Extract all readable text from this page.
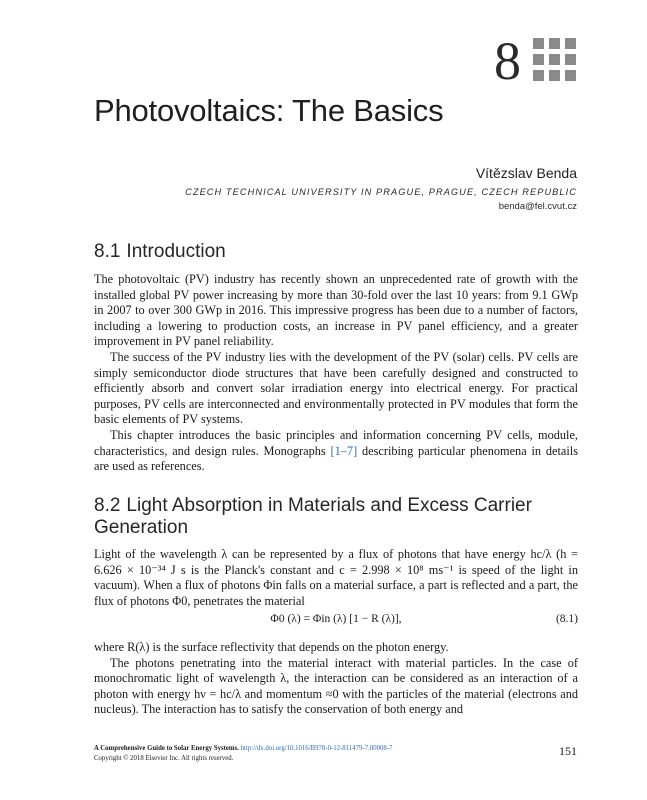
8
Photovoltaics: The Basics
Vítězslav Benda
CZECH TECHNICAL UNIVERSITY IN PRAGUE, PRAGUE, CZECH REPUBLIC
benda@fel.cvut.cz
8.1 Introduction

The photovoltaic (PV) industry has recently shown an unprecedented rate of growth with the installed global PV power increasing by more than 30-fold over the last 10 years: from 9.1 GWp in 2007 to over 300 GWp in 2016. This impressive progress has been due to a number of factors, including a lowering to production costs, an increase in PV panel efficiency, and a greater improvement in PV panel reliability.

The success of the PV industry lies with the development of the PV (solar) cells. PV cells are simply semiconductor diode structures that have been carefully designed and constructed to efficiently absorb and convert solar irradiation energy into electrical energy. For practical purposes, PV cells are interconnected and environmentally protected in PV modules that form the basic elements of PV systems.

This chapter introduces the basic principles and information concerning PV cells, module, characteristics, and design rules. Monographs [1–7] describing particular phenomena in details are used as references.

8.2 Light Absorption in Materials and Excess Carrier
Generation

Light of the wavelength λ can be represented by a flux of photons that have energy hc/λ (h = 6.626 × 10⁻³⁴ J s is the Planck's constant and c = 2.998 × 10⁸ ms⁻¹ is speed of the light in vacuum). When a flux of photons Φin falls on a material surface, a part is reflected and a part, the flux of photons Φ0, penetrates the material

Φ0 (λ) = Φin (λ) [1 − R (λ)],	(8.1)

where R(λ) is the surface reflectivity that depends on the photon energy.

The photons penetrating into the material interact with material particles. In the case of monochromatic light of wavelength λ, the interaction can be considered as an interaction of a photon with energy hν = hc/λ and momentum ≈0 with the particles of the material (electrons and nucleus). The interaction has to satisfy the conservation of both energy and

A Comprehensive Guide to Solar Energy Systems. http://dx.doi.org/10.1016/B978-0-12-811479-7.00008-7
Copyright © 2018 Elsevier Inc. All rights reserved.
151
